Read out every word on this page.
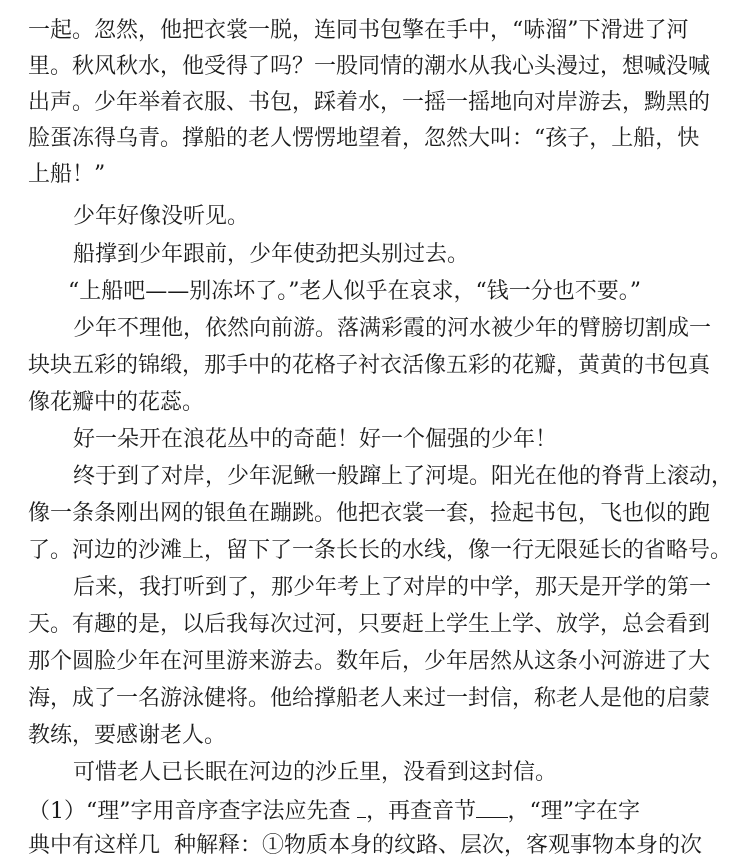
一起。忽然，他把衣裳一脱，连同书包擎在手中，“哧溜”下滑进了河
里。秋风秋水，他受得了吗？一股同情的潮水从我心头漫过，想喊没喊
出声。少年举着衣服、书包，踩着水，一摇一摇地向对岸游去，黝黑的
脸蛋冻得乌青。撑船的老人愣愣地望着，忽然大叫：“孩子，上船，快
上船！”
少年好像没听见。
船撑到少年跟前，少年使劲把头别过去。
“上船吧——别冻坏了。”老人似乎在哀求，“钱一分也不要。”
少年不理他，依然向前游。落满彩霞的河水被少年的臂膀切割成一
块块五彩的锦缎，那手中的花格子衬衣活像五彩的花瓣，黄黄的书包真
像花瓣中的花蕊。
好一朵开在浪花丛中的奇葩！好一个倔强的少年！
终于到了对岸，少年泥鳅一般蹿上了河堤。阳光在他的脊背上滚动，
像一条条刚出网的银鱼在蹦跳。他把衣裳一套，捡起书包，飞也似的跑
了。河边的沙滩上，留下了一条长长的水线，像一行无限延长的省略号。
后来，我打听到了，那少年考上了对岸的中学，那天是开学的第一
天。有趣的是，以后我每次过河，只要赶上学生上学、放学，总会看到
那个圆脸少年在河里游来游去。数年后，少年居然从这条小河游进了大
海，成了一名游泳健将。他给撑船老人来过一封信，称老人是他的启蒙
教练，要感谢老人。
可惜老人已长眠在河边的沙丘里，没看到这封信。
（1）“理”字用音序查字法应先查 ，再查音节 ，“理”字在字
典中有这样几  种解释：①物质本身的纹路、层次，客观事物本身的次
